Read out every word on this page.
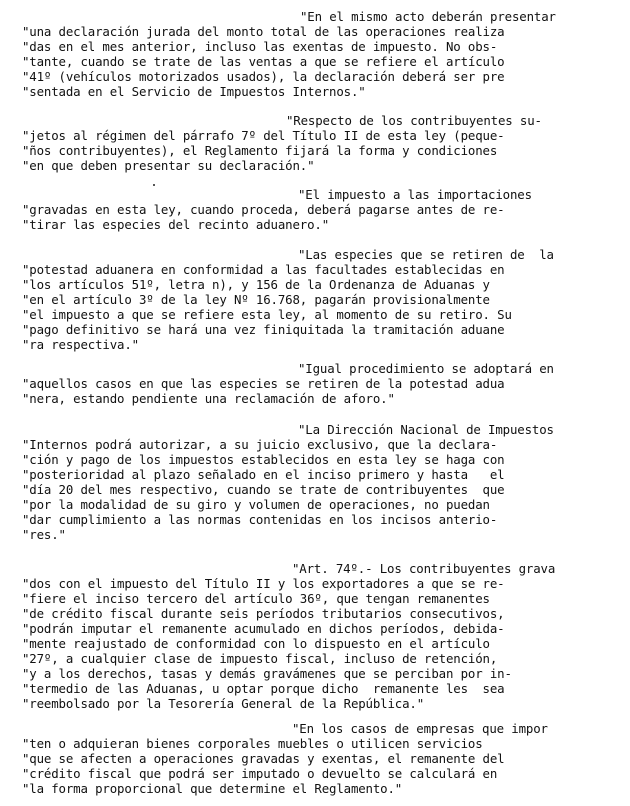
"En el mismo acto deberán presentar
"una declaración jurada del monto total de las operaciones realiza
"das en el mes anterior, incluso las exentas de impuesto. No obs-
"tante, cuando se trate de las ventas a que se refiere el artículo
"41º (vehículos motorizados usados), la declaración deberá ser pre
"sentada en el Servicio de Impuestos Internos."
"Respecto de los contribuyentes su-
"jetos al régimen del párrafo 7º del Título II de esta ley (peque-
"ños contribuyentes), el Reglamento fijará la forma y condiciones
"en que deben presentar su declaración."
"El impuesto a las importaciones
"gravadas en esta ley, cuando proceda, deberá pagarse antes de re-
"tirar las especies del recinto aduanero."
"Las especies que se retiren de  la
"potestad aduanera en conformidad a las facultades establecidas en
"los artículos 51º, letra n), y 156 de la Ordenanza de Aduanas y
"en el artículo 3º de la ley Nº 16.768, pagarán provisionalmente
"el impuesto a que se refiere esta ley, al momento de su retiro. Su
"pago definitivo se hará una vez finiquitada la tramitación aduane
"ra respectiva."
"Igual procedimiento se adoptará en
"aquellos casos en que las especies se retiren de la potestad adua
"nera, estando pendiente una reclamación de aforo."
"La Dirección Nacional de Impuestos
"Internos podrá autorizar, a su juicio exclusivo, que la declara-
"ción y pago de los impuestos establecidos en esta ley se haga con
"posterioridad al plazo señalado en el inciso primero y hasta   el
"día 20 del mes respectivo, cuando se trate de contribuyentes  que
"por la modalidad de su giro y volumen de operaciones, no puedan
"dar cumplimiento a las normas contenidas en los incisos anterio-
"res."
"Art. 74º.- Los contribuyentes grava
"dos con el impuesto del Título II y los exportadores a que se re-
"fiere el inciso tercero del artículo 36º, que tengan remanentes
"de crédito fiscal durante seis períodos tributarios consecutivos,
"podrán imputar el remanente acumulado en dichos períodos, debida-
"mente reajustado de conformidad con lo dispuesto en el artículo
"27º, a cualquier clase de impuesto fiscal, incluso de retención,
"y a los derechos, tasas y demás gravámenes que se perciban por in-
"termedio de las Aduanas, u optar porque dicho  remanente les  sea
"reembolsado por la Tesorería General de la República."
"En los casos de empresas que impor
"ten o adquieran bienes corporales muebles o utilicen servicios
"que se afecten a operaciones gravadas y exentas, el remanente del
"crédito fiscal que podrá ser imputado o devuelto se calculará en
"la forma proporcional que determine el Reglamento."
